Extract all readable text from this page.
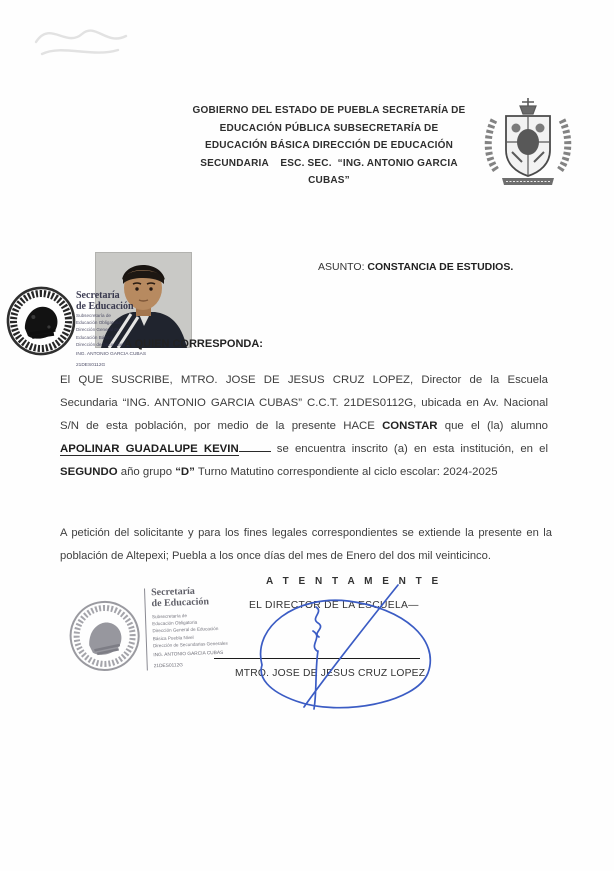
GOBIERNO DEL ESTADO DE PUEBLA SECRETARÍA DE
EDUCACIÓN PÚBLICA SUBSECRETARÍA DE
EDUCACIÓN BÁSICA DIRECCIÓN DE EDUCACIÓN
SECUNDARIA    ESC. SEC.  “ING. ANTONIO GARCIA
CUBAS”
ASUNTO: CONSTANCIA DE ESTUDIOS.
Secretaría
de Educación
Subsecretaría de
Educación Obligatoria
Dirección General de
Educación Básica
Dirección de Secundarias
ING. ANTONIO GARCIA CUBAS
21DES0112G
A QUIEN CORRESPONDA:

El QUE SUSCRIBE, MTRO. JOSE DE JESUS CRUZ LOPEZ, Director de la Escuela Secundaria “ING. ANTONIO GARCIA CUBAS” C.C.T. 21DES0112G, ubicada en Av. Nacional S/N de esta población, por medio de la presente HACE CONSTAR que el (la) alumno APOLINAR GUADALUPE KEVIN	se encuentra inscrito (a) en esta institución, en el SEGUNDO año grupo “D” Turno Matutino correspondiente al ciclo escolar: 2024-2025

A petición del solicitante y para los fines legales correspondientes se extiende la presente en la población de Altepexi; Puebla a los once días del mes de Enero del dos mil veinticinco.

A T E N T A M E N T E
EL DIRECTOR DE LA ESCUELA—
MTRO. JOSE DE JESUS CRUZ LOPEZ.
Secretaría
de Educación
Subsecretaría de
Educación Obligatoria
Dirección General de Educación
Básica Puebla Nivel
Dirección de Secundarias Generales
ING. ANTONIO GARCIA CUBAS
21DES0112G
